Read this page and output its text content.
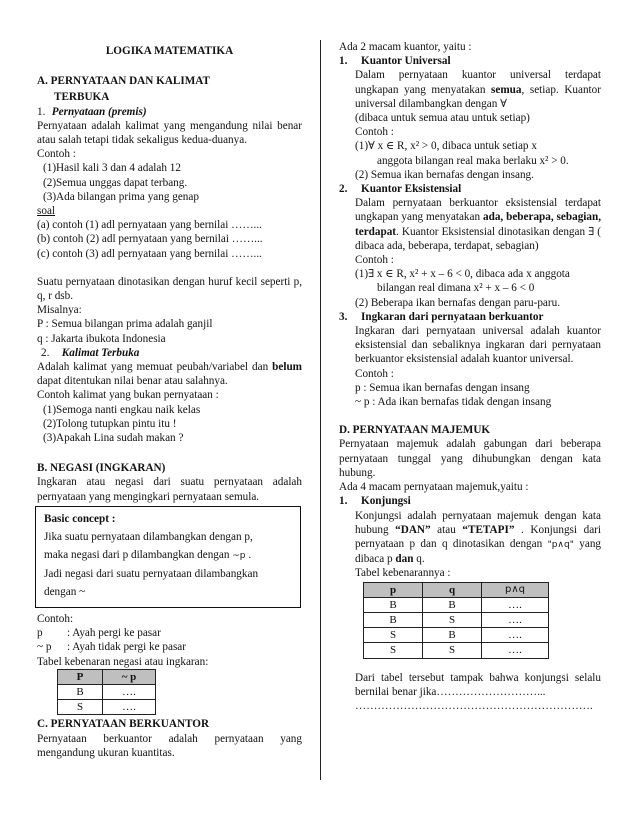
LOGIKA MATEMATIKA

A. PERNYATAAN DAN KALIMAT

TERBUKA

1. Pernyataan (premis)

Pernyataan adalah kalimat yang mengandung nilai benar atau salah tetapi tidak sekaligus kedua-duanya.

Contoh :

(1)Hasil kali 3 dan 4 adalah 12

(2)Semua unggas dapat terbang.

(3)Ada bilangan prima yang genap

soal

(a) contoh (1) adl pernyataan yang bernilai ……...

(b) contoh (2) adl pernyataan yang bernilai ……...

(c) contoh (3) adl pernyataan yang bernilai ……...

Suatu pernyataan dinotasikan dengan huruf kecil seperti p, q, r dsb.

Misalnya:

P : Semua bilangan prima adalah ganjil

q : Jakarta ibukota Indonesia

2. Kalimat Terbuka

Adalah kalimat yang memuat peubah/variabel dan belum dapat ditentukan nilai benar atau salahnya.

Contoh kalimat yang bukan pernyataan :

(1)Semoga nanti engkau naik kelas

(2)Tolong tutupkan pintu itu !

(3)Apakah Lina sudah makan ?

B. NEGASI (INGKARAN)

Ingkaran atau negasi dari suatu pernyataan adalah pernyataan yang mengingkari pernyataan semula.

Basic concept :

Jika suatu pernyataan dilambangkan dengan p,

maka negasi dari p dilambangkan dengan ~p .

Jadi negasi dari suatu pernyataan dilambangkan

dengan ~

Contoh:

p	: Ayah pergi ke pasar
~ p	: Ayah tidak pergi ke pasar

Tabel kebenaran negasi atau ingkaran:

P	~ p
B	….
S	….

C. PERNYATAAN BERKUANTOR

Pernyataan berkuantor adalah pernyataan yang mengandung ukuran kuantitas.

Ada 2 macam kuantor, yaitu :

1.	Kuantor Universal

Dalam pernyataan kuantor universal terdapat ungkapan yang menyatakan semua, setiap. Kuantor universal dilambangkan dengan ∀

(dibaca untuk semua atau untuk setiap)

Contoh :

(1)∀ x ∈ R, x² > 0, dibaca untuk setiap x

anggota bilangan real maka berlaku x² > 0.

(2) Semua ikan bernafas dengan insang.

2.	Kuantor Eksistensial

Dalam pernyataan berkuantor eksistensial terdapat ungkapan yang menyatakan ada, beberapa, sebagian, terdapat. Kuantor Eksistensial dinotasikan dengan ∃ ( dibaca ada, beberapa, terdapat, sebagian)

Contoh :

(1)∃ x ∈ R, x² + x – 6 < 0, dibaca ada x anggota

bilangan real dimana x² + x – 6 < 0

(2) Beberapa ikan bernafas dengan paru-paru.

3.	Ingkaran dari pernyataan berkuantor

Ingkaran dari pernyataan universal adalah kuantor eksistensial dan sebaliknya ingkaran dari pernyataan berkuantor eksistensial adalah kuantor universal.

Contoh :

p : Semua ikan bernafas dengan insang

~ p : Ada ikan bernafas tidak dengan insang

D. PERNYATAAN MAJEMUK

Pernyataan majemuk adalah gabungan dari beberapa pernyataan tunggal yang dihubungkan dengan kata hubung.

Ada 4 macam pernyataan majemuk,yaitu :

1.	Konjungsi

Konjungsi adalah pernyataan majemuk dengan kata hubung “DAN” atau “TETAPI” . Konjungsi dari pernyataan p dan q dinotasikan dengan "p∧q" yang dibaca p dan q.

Tabel kebenarannya :

p	q	p∧q
B	B	….
B	S	….
S	B	….
S	S	….

Dari tabel tersebut tampak bahwa konjungsi selalu bernilai benar jika………………………...

……………………………………………………….
